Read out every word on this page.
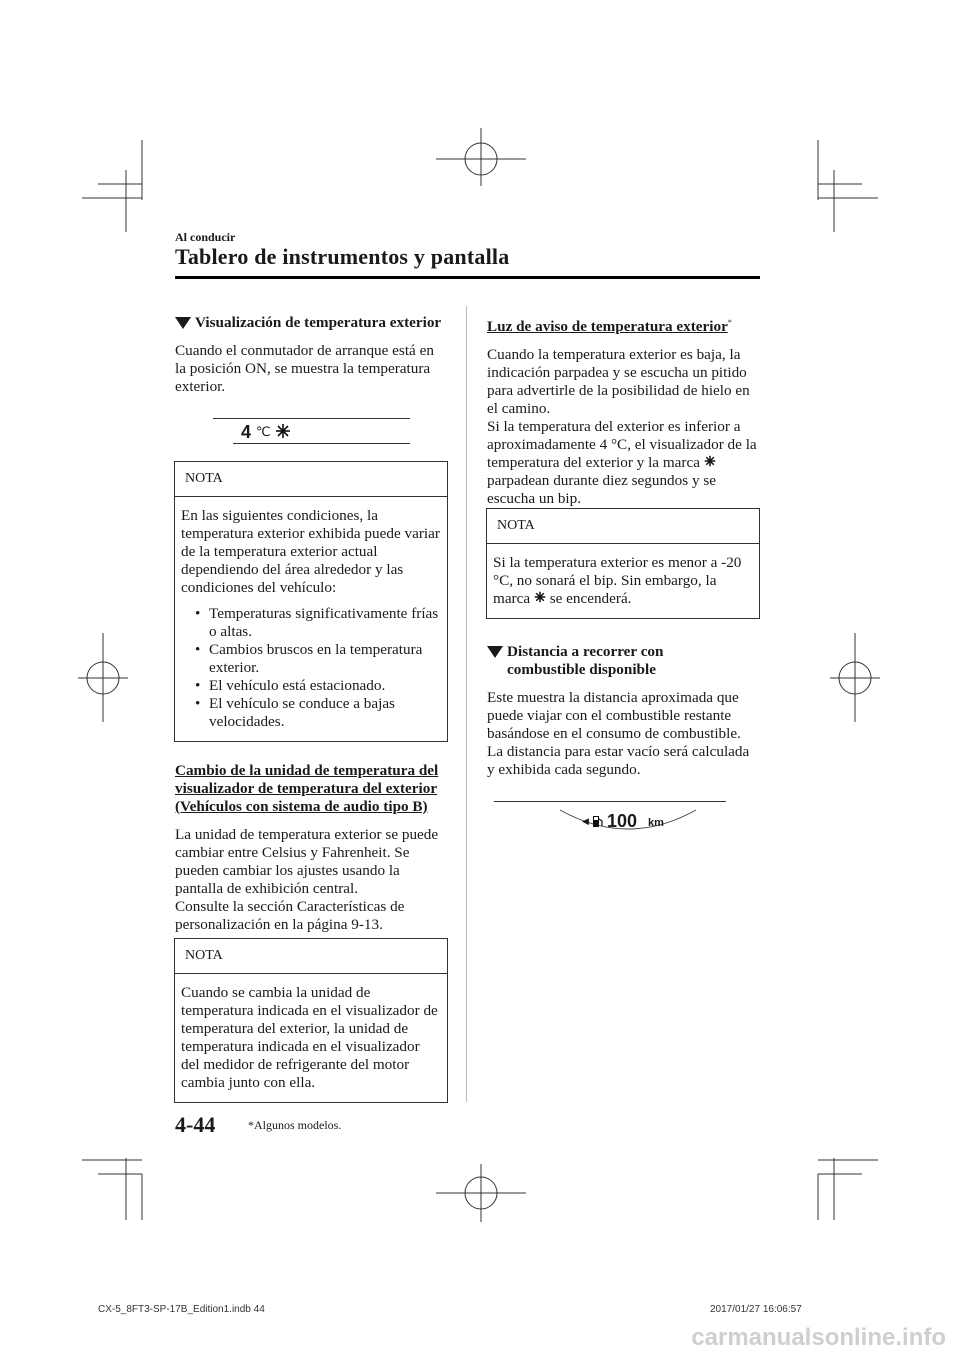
Al conducir
Tablero de instrumentos y pantalla
Visualización de temperatura exterior

Cuando el conmutador de arranque está en la posición ON, se muestra la temperatura exterior.

4 ℃
NOTA

En las siguientes condiciones, la temperatura exterior exhibida puede variar de la temperatura exterior actual dependiendo del área alrededor y las condiciones del vehículo:

• Temperaturas significativamente frías o altas.
• Cambios bruscos en la temperatura exterior.
• El vehículo está estacionado.
• El vehículo se conduce a bajas velocidades.

Cambio de la unidad de temperatura del visualizador de temperatura del exterior (Vehículos con sistema de audio tipo B)

La unidad de temperatura exterior se puede cambiar entre Celsius y Fahrenheit. Se pueden cambiar los ajustes usando la pantalla de exhibición central.

Consulte la sección Características de personalización en la página 9-13.

NOTA

Cuando se cambia la unidad de temperatura indicada en el visualizador de temperatura del exterior, la unidad de temperatura indicada en el visualizador del medidor de refrigerante del motor cambia junto con ella.

Luz de aviso de temperatura exterior*

Cuando la temperatura exterior es baja, la indicación parpadea y se escucha un pitido para advertirle de la posibilidad de hielo en el camino.

Si la temperatura del exterior es inferior a aproximadamente 4 °C, el visualizador de la temperatura del exterior y la marca  parpadean durante diez segundos y se escucha un bip.

NOTA
Si la temperatura exterior es menor a -20 °C, no sonará el bip. Sin embargo, la marca se encenderá.
Distancia a recorrer con combustible disponible

Este muestra la distancia aproximada que puede viajar con el combustible restante basándose en el consumo de combustible.

La distancia para estar vacío será calculada y exhibida cada segundo.

◀ 100 km
4-44	*Algunos modelos.
CX-5_8FT3-SP-17B_Edition1.indb 44	2017/01/27 16:06:57
carmanualsonline.info
